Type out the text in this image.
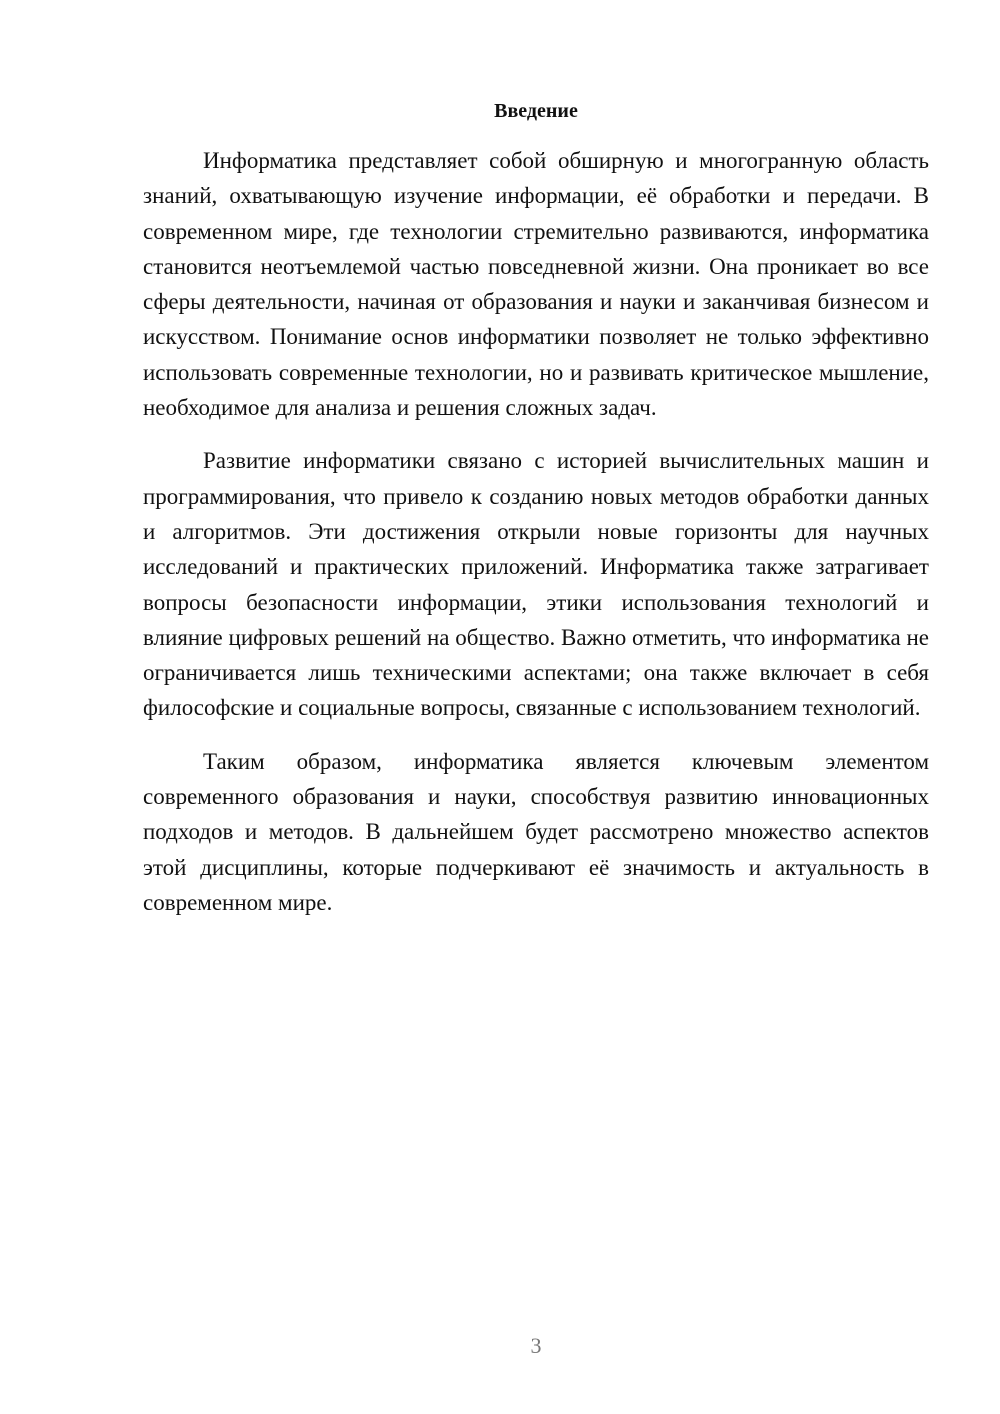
Введение

Информатика представляет собой обширную и многогранную область знаний, охватывающую изучение информации, её обработки и передачи. В современном мире, где технологии стремительно развиваются, информатика становится неотъемлемой частью повседневной жизни. Она проникает во все сферы деятельности, начиная от образования и науки и заканчивая бизнесом и искусством. Понимание основ информатики позволяет не только эффективно использовать современные технологии, но и развивать критическое мышление, необходимое для анализа и решения сложных задач.

Развитие информатики связано с историей вычислительных машин и программирования, что привело к созданию новых методов обработки данных и алгоритмов. Эти достижения открыли новые горизонты для научных исследований и практических приложений. Информатика также затрагивает вопросы безопасности информации, этики использования технологий и влияние цифровых решений на общество. Важно отметить, что информатика не ограничивается лишь техническими аспектами; она также включает в себя философские и социальные вопросы, связанные с использованием технологий.

Таким образом, информатика является ключевым элементом современного образования и науки, способствуя развитию инновационных подходов и методов. В дальнейшем будет рассмотрено множество аспектов этой дисциплины, которые подчеркивают её значимость и актуальность в современном мире.

3
